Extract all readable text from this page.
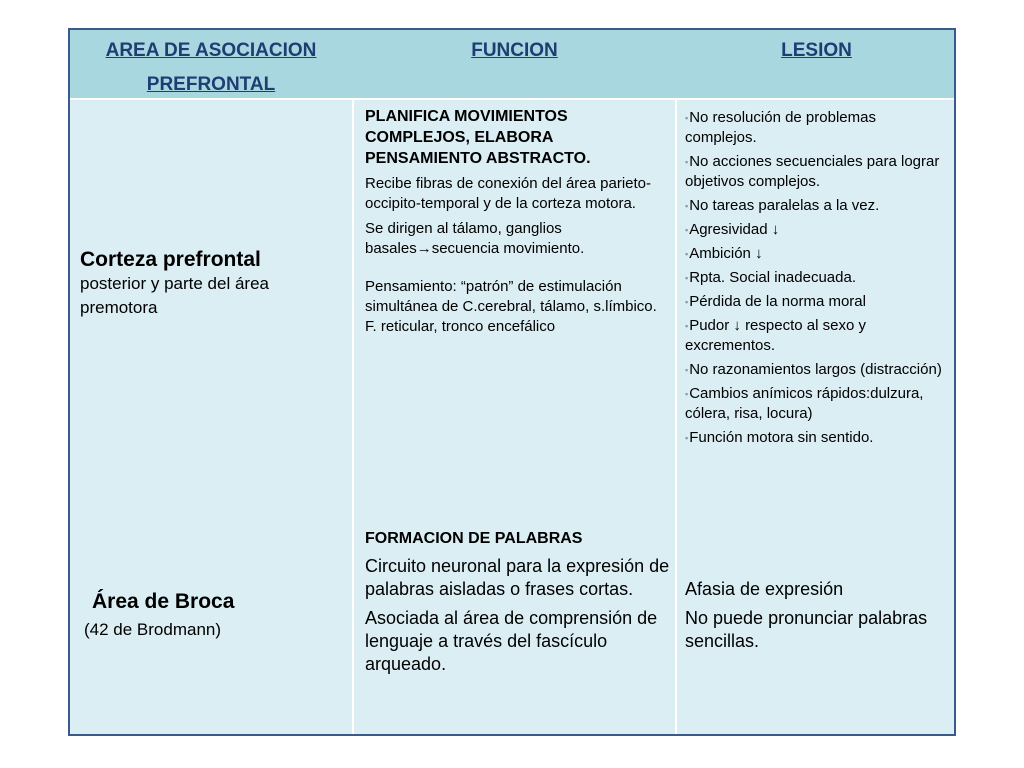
AREA DE ASOCIACION
PREFRONTAL
FUNCION	LESION
Corteza prefrontal
posterior y parte del área premotora
Área de Broca
(42 de Brodmann)

PLANIFICA MOVIMIENTOS COMPLEJOS, ELABORA PENSAMIENTO ABSTRACTO.

Recibe fibras de conexión del área parieto-occipito-temporal y de la corteza motora.

Se dirigen al tálamo, ganglios basales→secuencia movimiento.

Pensamiento: “patrón” de estimulación simultánea de C.cerebral, tálamo, s.límbico. F. reticular, tronco encefálico

FORMACION DE PALABRAS
Circuito neuronal para la expresión de palabras aisladas o frases cortas.
Asociada al área de comprensión de lenguaje a través del fascículo arqueado.
▪No resolución de problemas complejos.
▪No acciones secuenciales para lograr objetivos complejos.
▪No tareas paralelas a la vez.
▪Agresividad ↓
▪Ambición ↓
▪Rpta. Social inadecuada.
▪Pérdida de la norma moral
▪Pudor ↓ respecto al sexo y excrementos.
▪No razonamientos largos (distracción)
▪Cambios anímicos rápidos:dulzura, cólera, risa, locura)
▪Función motora sin sentido.
Afasia de expresión
No puede pronunciar palabras sencillas.
